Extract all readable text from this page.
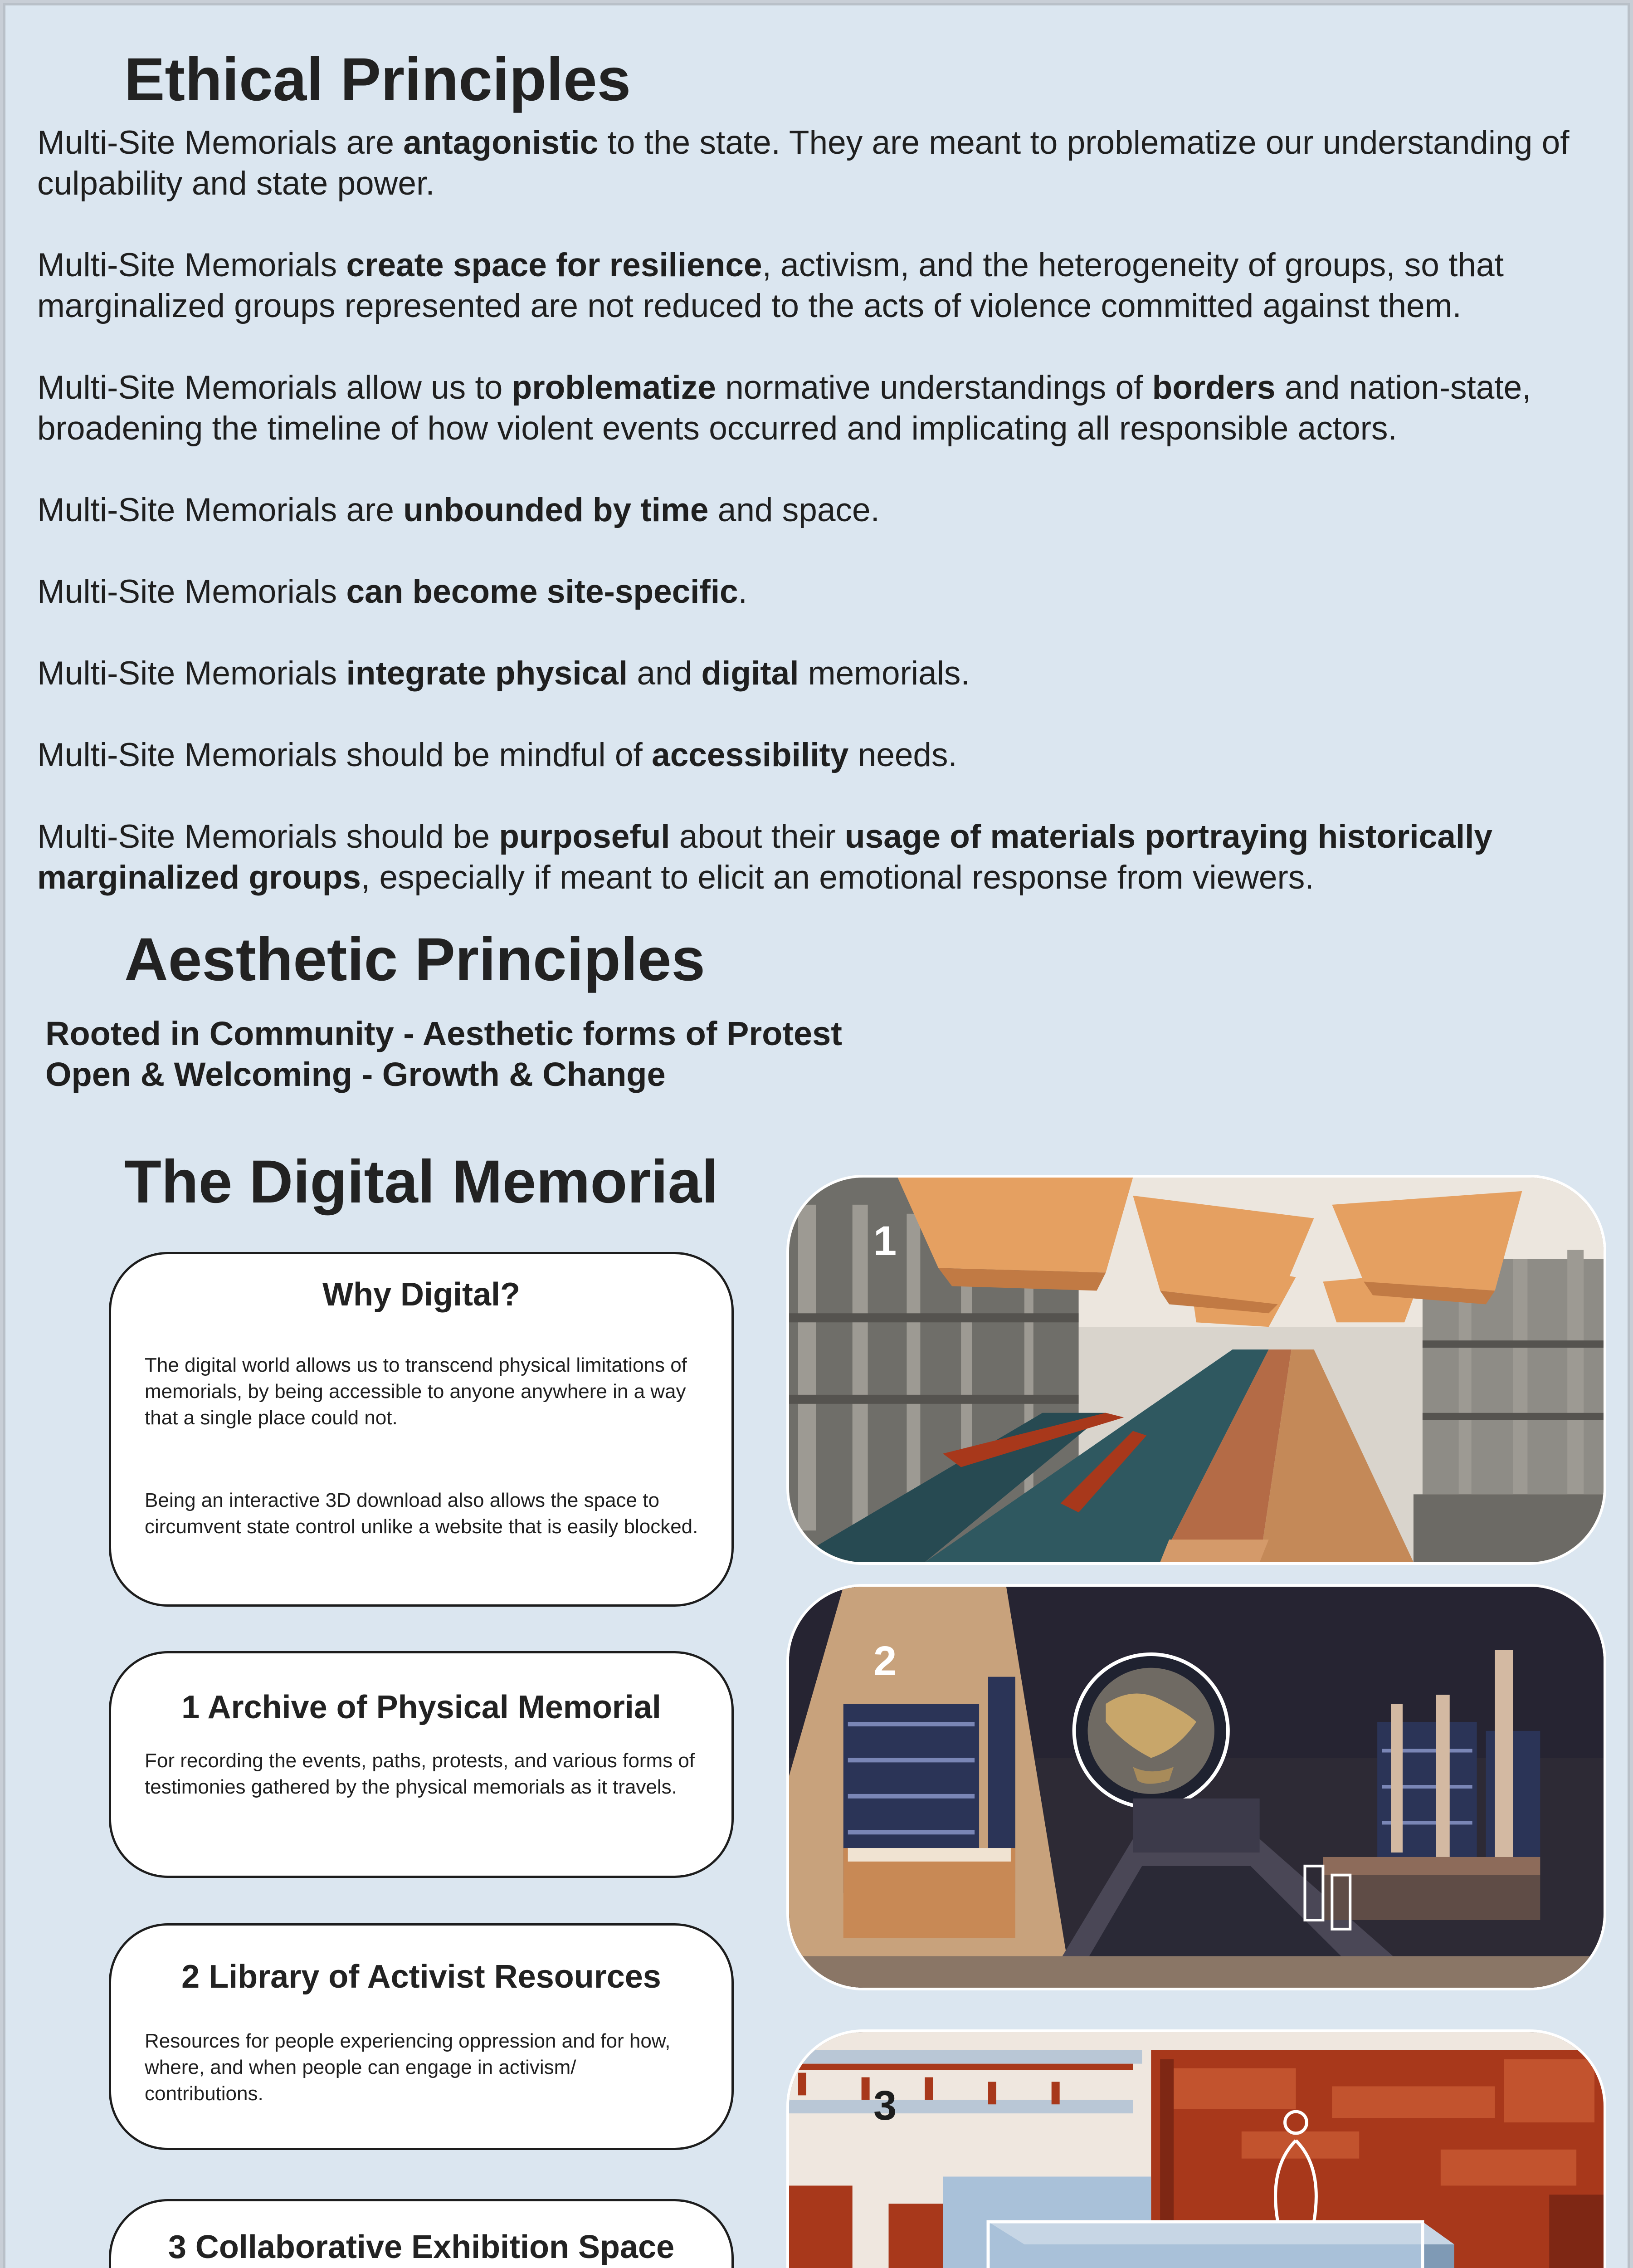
Ethical Principles

Multi-Site Memorials are antagonistic to the state. They are meant to problematize our understanding of culpability and state power.

Multi-Site Memorials create space for resilience, activism, and the heterogeneity of groups, so that marginalized groups represented are not reduced to the acts of violence committed against them.

Multi-Site Memorials allow us to problematize normative understandings of borders and nation-state, broadening the timeline of how violent events occurred and implicating all responsible actors.

Multi-Site Memorials are unbounded by time and space.

Multi-Site Memorials can become site-specific.

Multi-Site Memorials integrate physical and digital memorials.

Multi-Site Memorials should be mindful of accessibility needs.

Multi-Site Memorials should be purposeful about their usage of materials portraying historically marginalized groups, especially if meant to elicit an emotional response from viewers.

Aesthetic Principles

Rooted in Community - Aesthetic forms of Protest

Open & Welcoming - Growth & Change

The Digital Memorial

Why Digital?

The digital world allows us to transcend physical limitations of memorials, by being accessible to anyone anywhere in a way that a single place could not.

Being an interactive 3D download also allows the space to circumvent state control unlike a website that is easily blocked.

1 Archive of Physical Memorial

For recording the events, paths, protests, and various forms of testimonies gathered by the physical memorials as it travels.

2 Library of Activist Resources

Resources for people experiencing oppression and for how, where, and when people can engage in activism/ contributions.

3 Collaborative Exhibition Space

1
2
3
